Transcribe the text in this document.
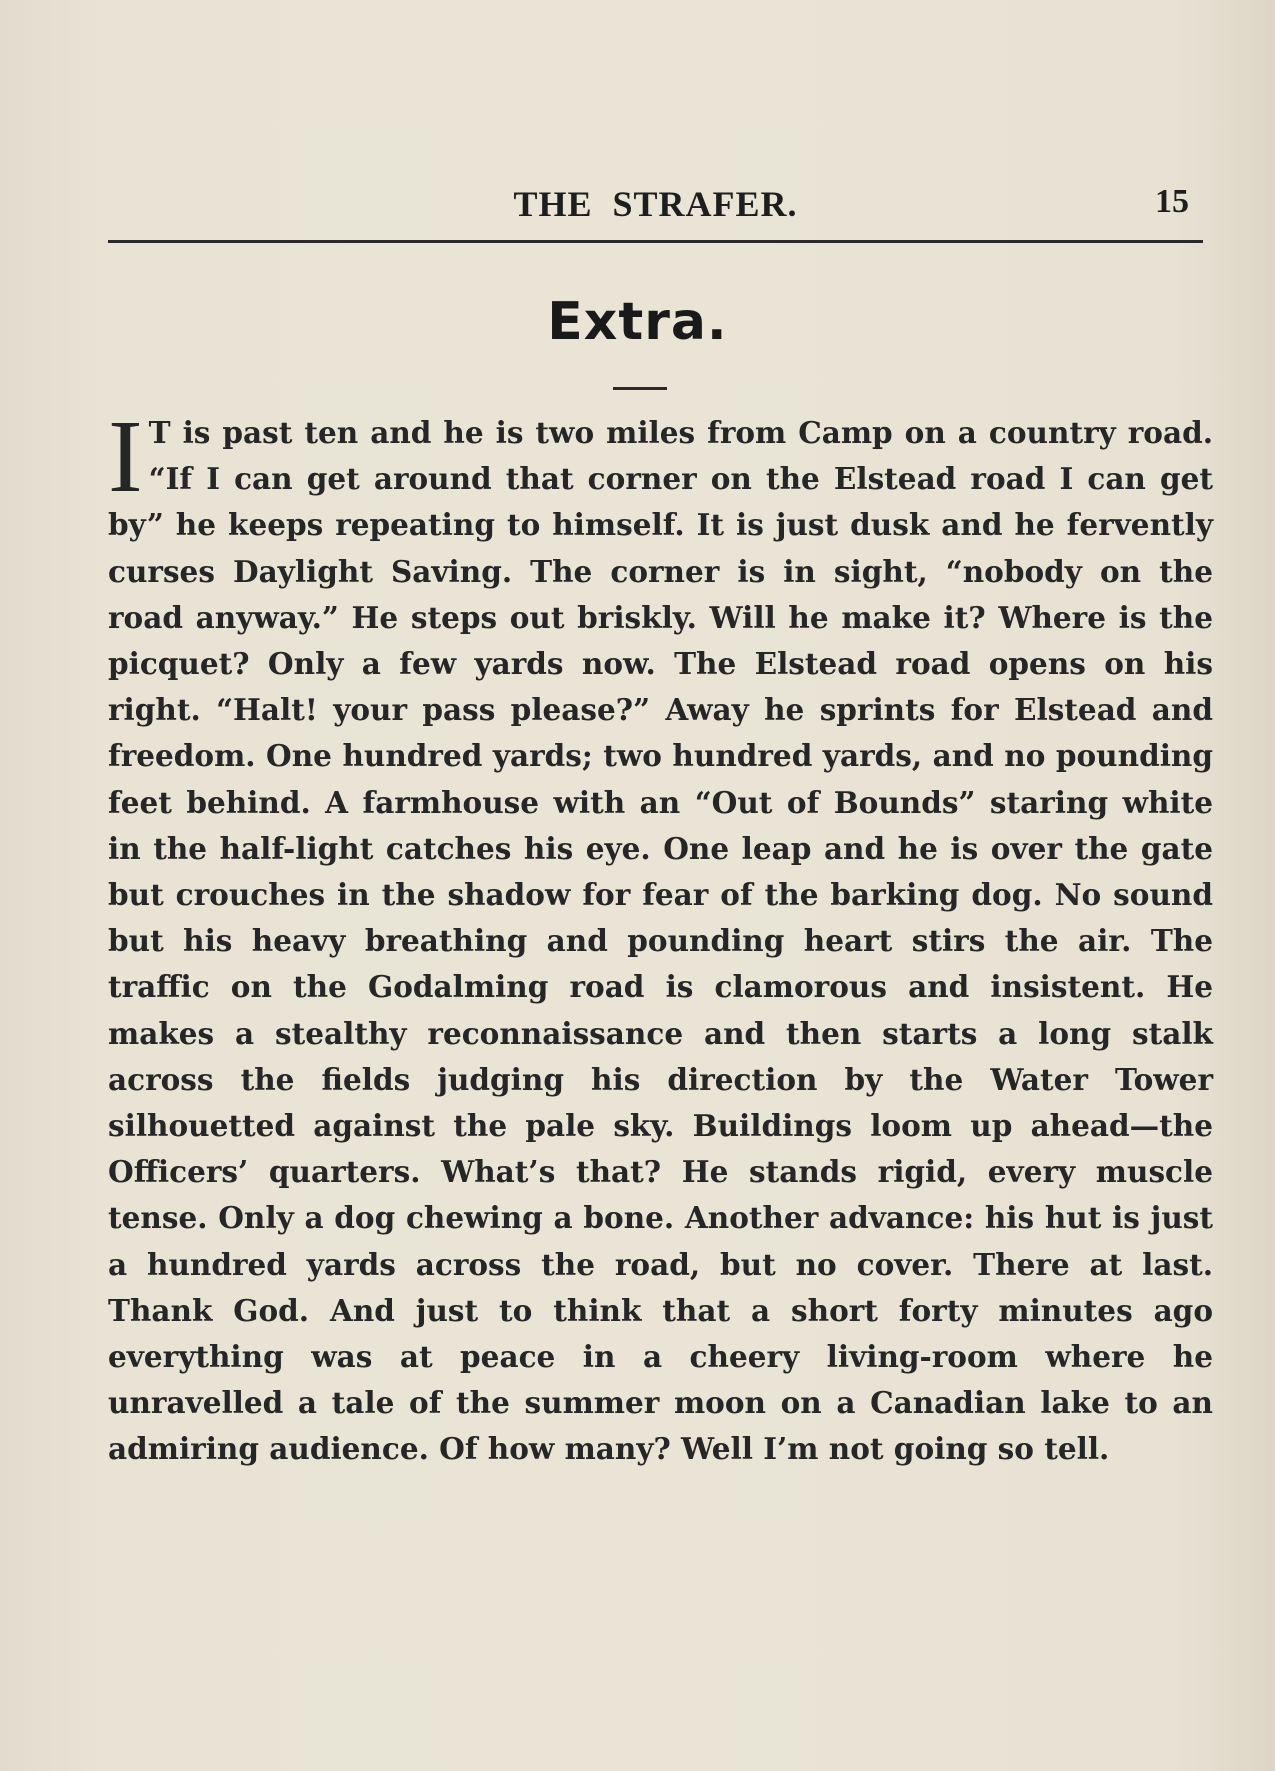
THE STRAFER.	15
Extra.

I T is past ten and he is two miles from Camp on a country road. “If I can get around that corner on the Elstead road I can get by” he keeps repeating to himself. It is just dusk and he fervently curses Daylight Saving. The corner is in sight, “nobody on the road anyway.” He steps out briskly. Will he make it? Where is the picquet? Only a few yards now. The Elstead road opens on his right. “Halt! your pass please?” Away he sprints for Elstead and freedom. One hundred yards; two hundred yards, and no pounding feet behind. A farmhouse with an “Out of Bounds” staring white in the half-light catches his eye. One leap and he is over the gate but crouches in the shadow for fear of the barking dog. No sound but his heavy breathing and pounding heart stirs the air. The traffic on the Godalming road is clamorous and insistent. He makes a stealthy reconnaissance and then starts a long stalk across the fields judging his direction by the Water Tower silhouetted against the pale sky. Buildings loom up ahead—the Officers’ quarters. What’s that? He stands rigid, every muscle tense. Only a dog chewing a bone. Another advance: his hut is just a hundred yards across the road, but no cover. There at last. Thank God. And just to think that a short forty minutes ago everything was at peace in a cheery living-room where he unravelled a tale of the summer moon on a Canadian lake to an admiring audience. Of how many? Well I’m not going so tell.
